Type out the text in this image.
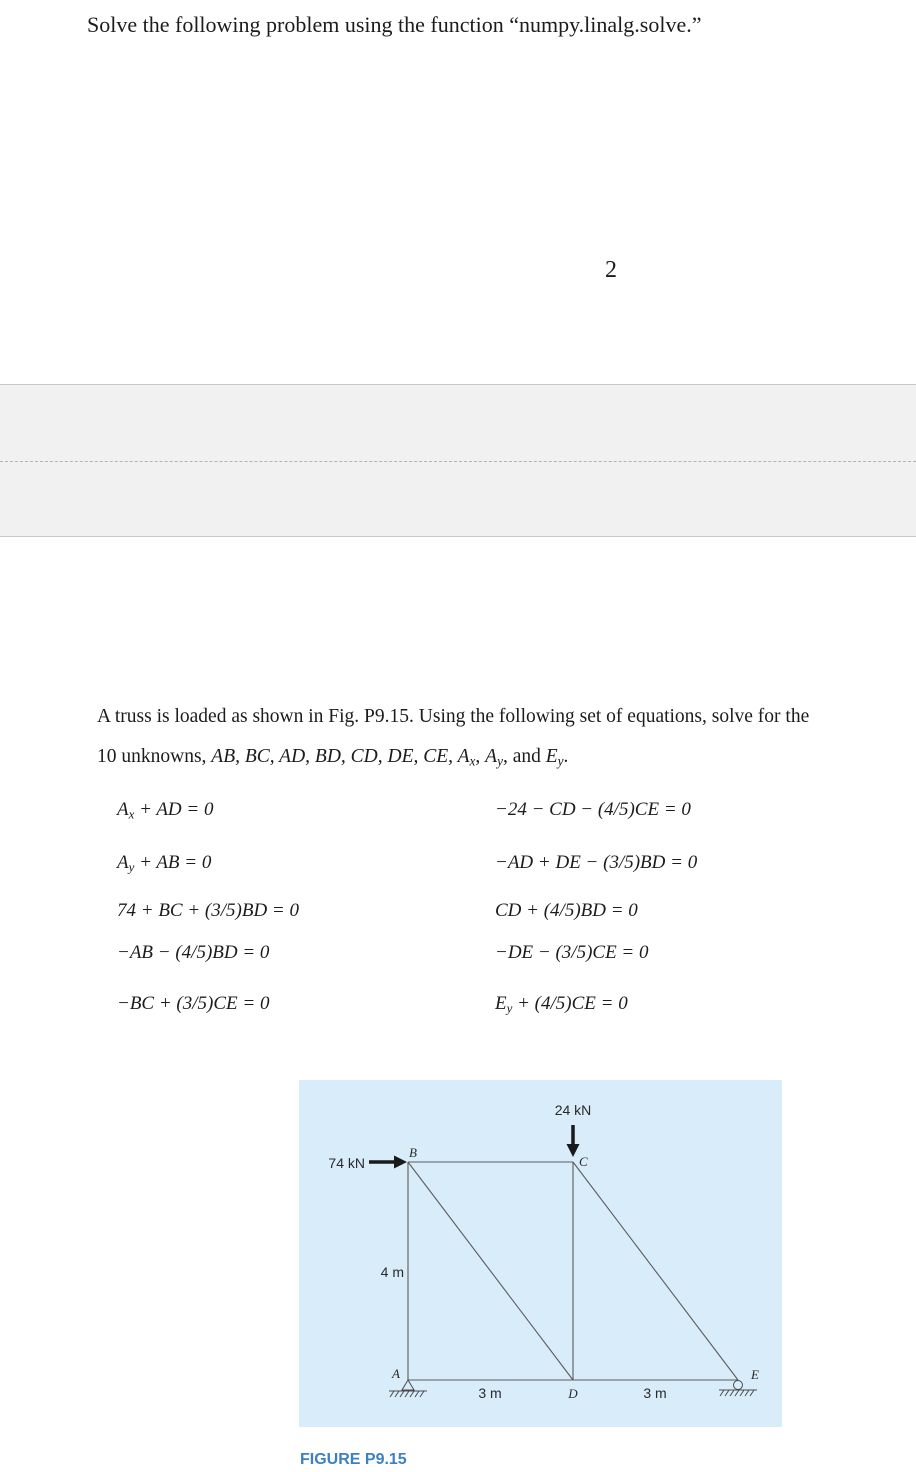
Solve the following problem using the function “numpy.linalg.solve.”
2
A truss is loaded as shown in Fig. P9.15. Using the following set of equations, solve for the
10 unknowns, AB, BC, AD, BD, CD, DE, CE, $A_x$, $A_y$, and $E_y$.
$A_x$ + AD = 0
$A_y$ + AB = 0
74 + BC + (3/5)BD = 0
−AB − (4/5)BD = 0
−BC + (3/5)CE = 0
−24 − CD − (4/5)CE = 0
−AD + DE − (3/5)BD = 0
CD + (4/5)BD = 0
−DE − (3/5)CE = 0
$E_y + (4/5)CE = 0$
24 kN
74 kN
B
C
A
D
E
4 m
3 m	3 m
FIGURE P9.15
